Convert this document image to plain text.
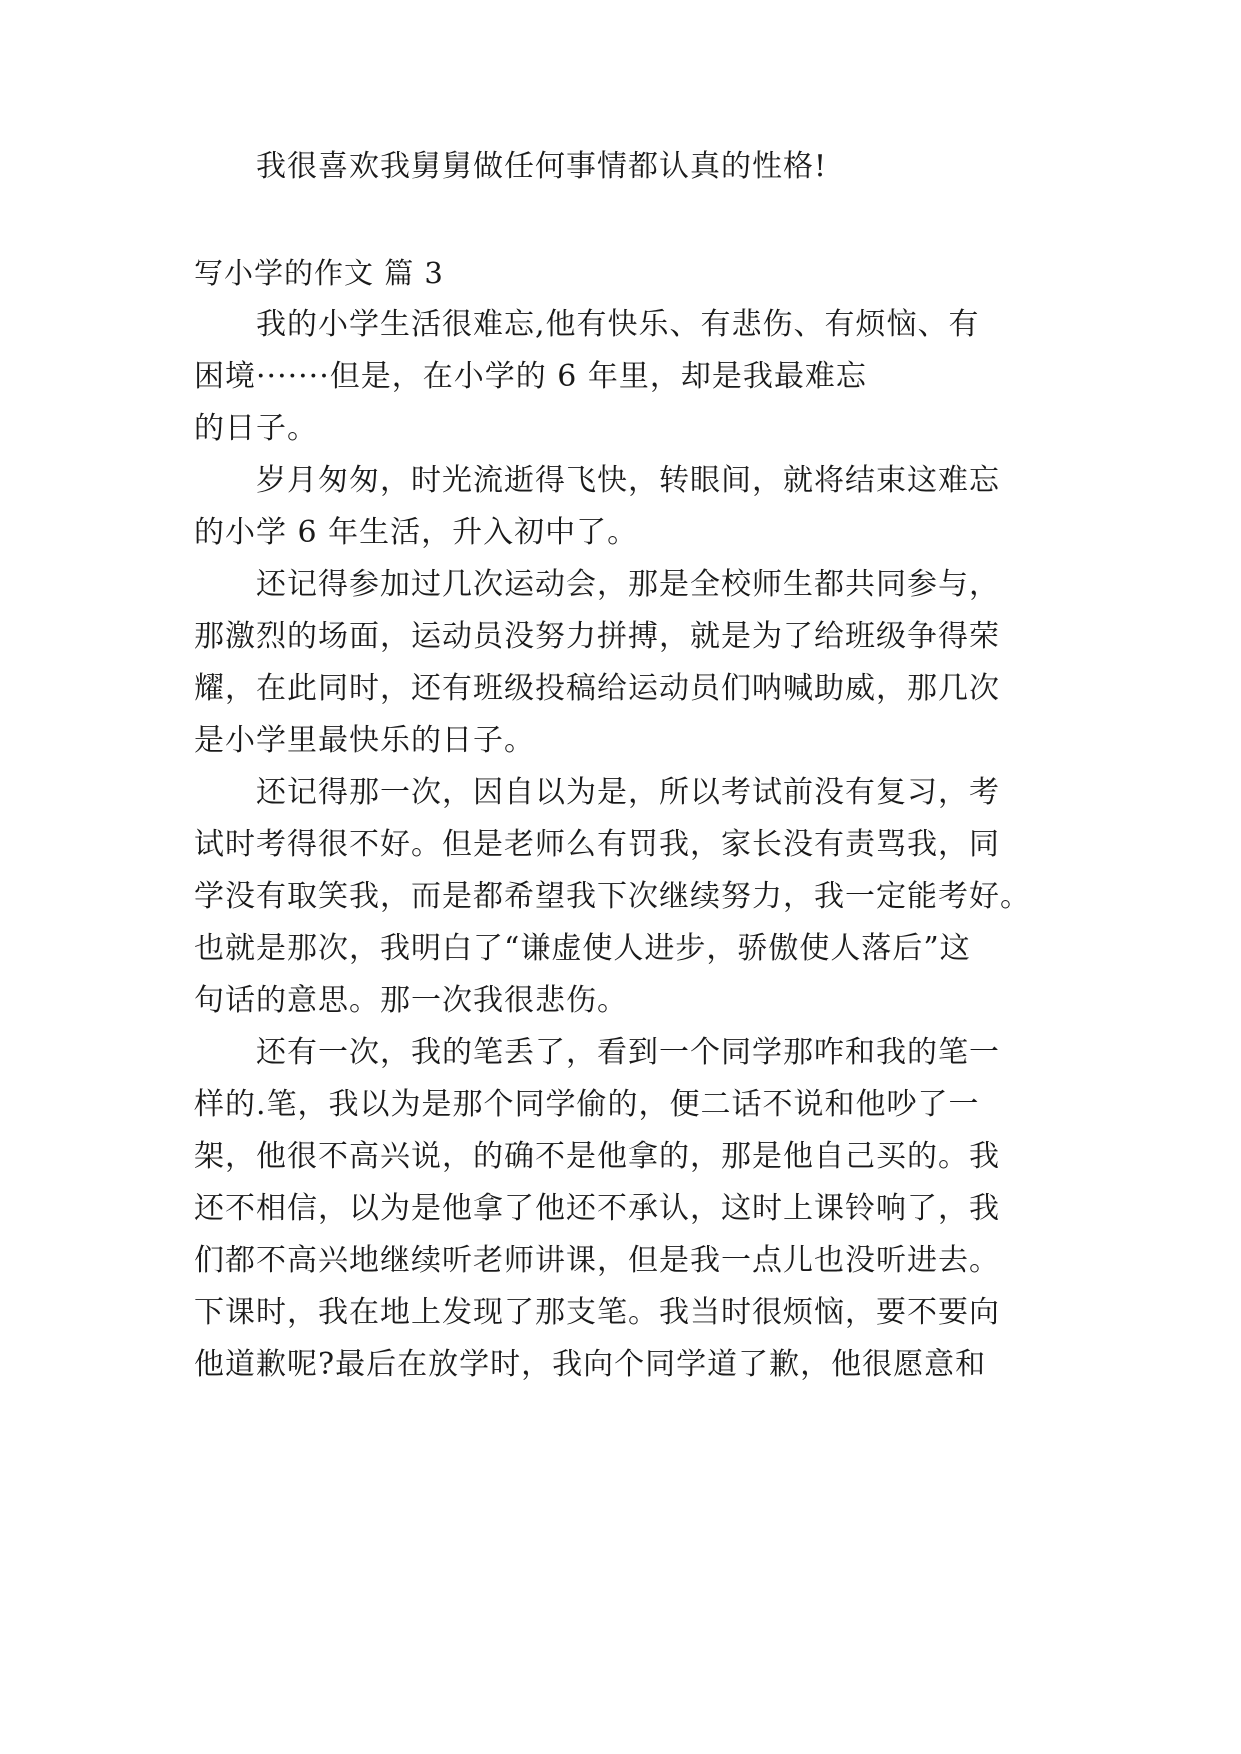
我很喜欢我舅舅做任何事情都认真的性格!
写小学的作文 篇 3
我的小学生活很难忘,他有快乐、有悲伤、有烦恼、有
困境·······但是，在小学的 6 年里，却是我最难忘
的日子。
岁月匆匆，时光流逝得飞快，转眼间，就将结束这难忘
的小学 6 年生活，升入初中了。
还记得参加过几次运动会，那是全校师生都共同参与，
那激烈的场面，运动员没努力拼搏，就是为了给班级争得荣
耀，在此同时，还有班级投稿给运动员们呐喊助威，那几次
是小学里最快乐的日子。
还记得那一次，因自以为是，所以考试前没有复习，考
试时考得很不好。但是老师么有罚我，家长没有责骂我，同
学没有取笑我，而是都希望我下次继续努力，我一定能考好。
也就是那次，我明白了“谦虚使人进步，骄傲使人落后”这
句话的意思。那一次我很悲伤。
还有一次，我的笔丢了，看到一个同学那咋和我的笔一
样的.笔，我以为是那个同学偷的，便二话不说和他吵了一
架，他很不高兴说，的确不是他拿的，那是他自己买的。我
还不相信，以为是他拿了他还不承认，这时上课铃响了，我
们都不高兴地继续听老师讲课，但是我一点儿也没听进去。
下课时，我在地上发现了那支笔。我当时很烦恼，要不要向
他道歉呢?最后在放学时，我向个同学道了歉，他很愿意和
